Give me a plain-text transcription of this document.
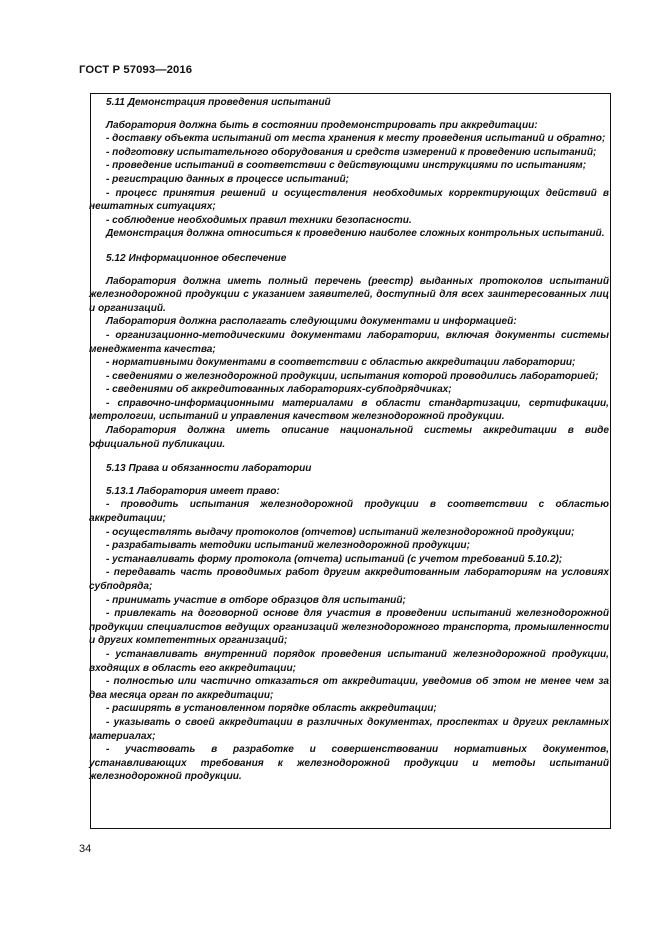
ГОСТ Р 57093—2016

5.11 Демонстрация проведения испытаний

Лаборатория должна быть в состоянии продемонстрировать при аккредитации:

- доставку объекта испытаний от места хранения к месту проведения испытаний и обратно;

- подготовку испытательного оборудования и средств измерений к проведению испытаний;

- проведение испытаний в соответствии с действующими инструкциями по испытаниям;

- регистрацию данных в процессе испытаний;

- процесс принятия решений и осуществления необходимых корректирующих действий в нештатных ситуациях;

- соблюдение необходимых правил техники безопасности.

Демонстрация должна относиться к проведению наиболее сложных контрольных испытаний.

5.12 Информационное обеспечение

Лаборатория должна иметь полный перечень (реестр) выданных протоколов испытаний железнодорожной продукции с указанием заявителей, доступный для всех заинтересованных лиц и организаций.

Лаборатория должна располагать следующими документами и информацией:

- организационно-методическими документами лаборатории, включая документы системы менеджмента качества;

- нормативными документами в соответствии с областью аккредитации лаборатории;

- сведениями о железнодорожной продукции, испытания которой проводились лабораторией;

- сведениями об аккредитованных лабораториях-субподрядчиках;

- справочно-информационными материалами в области стандартизации, сертификации, метрологии, испытаний и управления качеством железнодорожной продукции.

Лаборатория должна иметь описание национальной системы аккредитации в виде официальной публикации.

5.13 Права и обязанности лаборатории

5.13.1 Лаборатория имеет право:

- проводить испытания железнодорожной продукции в соответствии с областью аккредитации;

- осуществлять выдачу протоколов (отчетов) испытаний железнодорожной продукции;

- разрабатывать методики испытаний железнодорожной продукции;

- устанавливать форму протокола (отчета) испытаний (с учетом требований 5.10.2);

- передавать часть проводимых работ другим аккредитованным лабораториям на условиях субподряда;

- принимать участие в отборе образцов для испытаний;

- привлекать на договорной основе для участия в проведении испытаний железнодорожной продукции специалистов ведущих организаций железнодорожного транспорта, промышленности и других компетентных организаций;

- устанавливать внутренний порядок проведения испытаний железнодорожной продукции, входящих в область его аккредитации;

- полностью или частично отказаться от аккредитации, уведомив об этом не менее чем за два месяца орган по аккредитации;

- расширять в установленном порядке область аккредитации;

- указывать о своей аккредитации в различных документах, проспектах и других рекламных материалах;

- участвовать в разработке и совершенствовании нормативных документов, устанавливающих требования к железнодорожной продукции и методы испытаний железнодорожной продукции.

34
